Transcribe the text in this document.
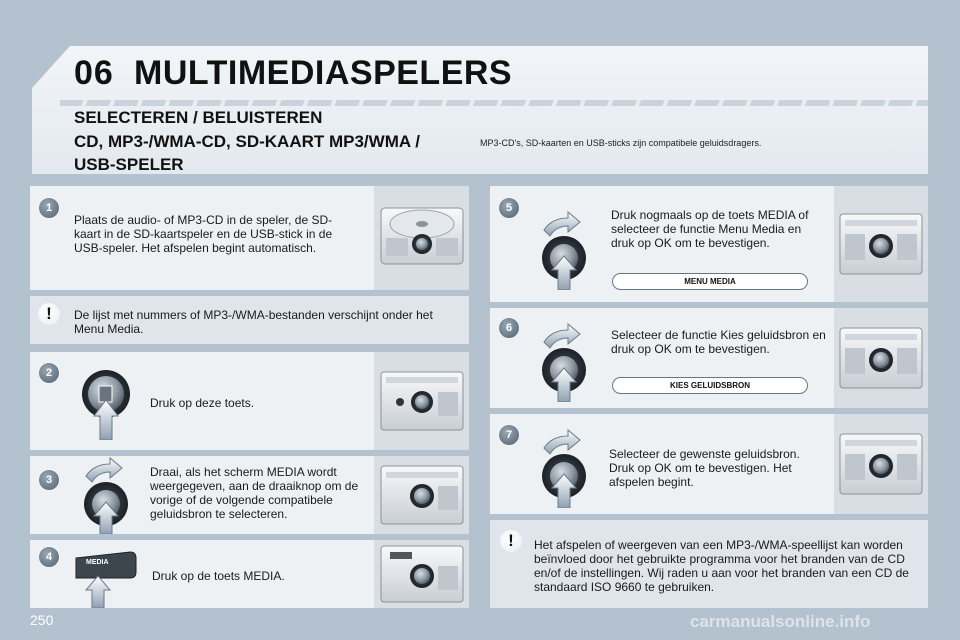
06 MULTIMEDIASPELERS
SELECTEREN / BELUISTEREN
CD, MP3-/WMA-CD, SD-KAART MP3/WMA /
USB-SPELER
MP3-CD's, SD-kaarten en USB-sticks zijn compatibele geluidsdragers.
1
Plaats de audio- of MP3-CD in de speler, de SD-kaart in de SD-kaartspeler en de USB-stick in de USB-speler. Het afspelen begint automatisch.
!	De lijst met nummers of MP3-/WMA-bestanden verschijnt onder het Menu Media.
2
Druk op deze toets.
3
Draai, als het scherm MEDIA wordt weergegeven, aan de draaiknop om de vorige of de volgende compatibele geluidsbron te selecteren.
4	MEDIA
Druk op de toets MEDIA.
5	Druk nogmaals op de toets MEDIA of selecteer de functie Menu Media en druk op OK om te bevestigen.
MENU MEDIA
6	Selecteer de functie Kies geluidsbron en druk op OK om te bevestigen.
KIES GELUIDSBRON
7
Selecteer de gewenste geluidsbron. Druk op OK om te bevestigen. Het afspelen begint.
!	Het afspelen of weergeven van een MP3-/WMA-speellijst kan worden beïnvloed door het gebruikte programma voor het branden van de CD en/of de instellingen. Wij raden u aan voor het branden van een CD de standaard ISO 9660 te gebruiken.
250	carmanualsonline.info
